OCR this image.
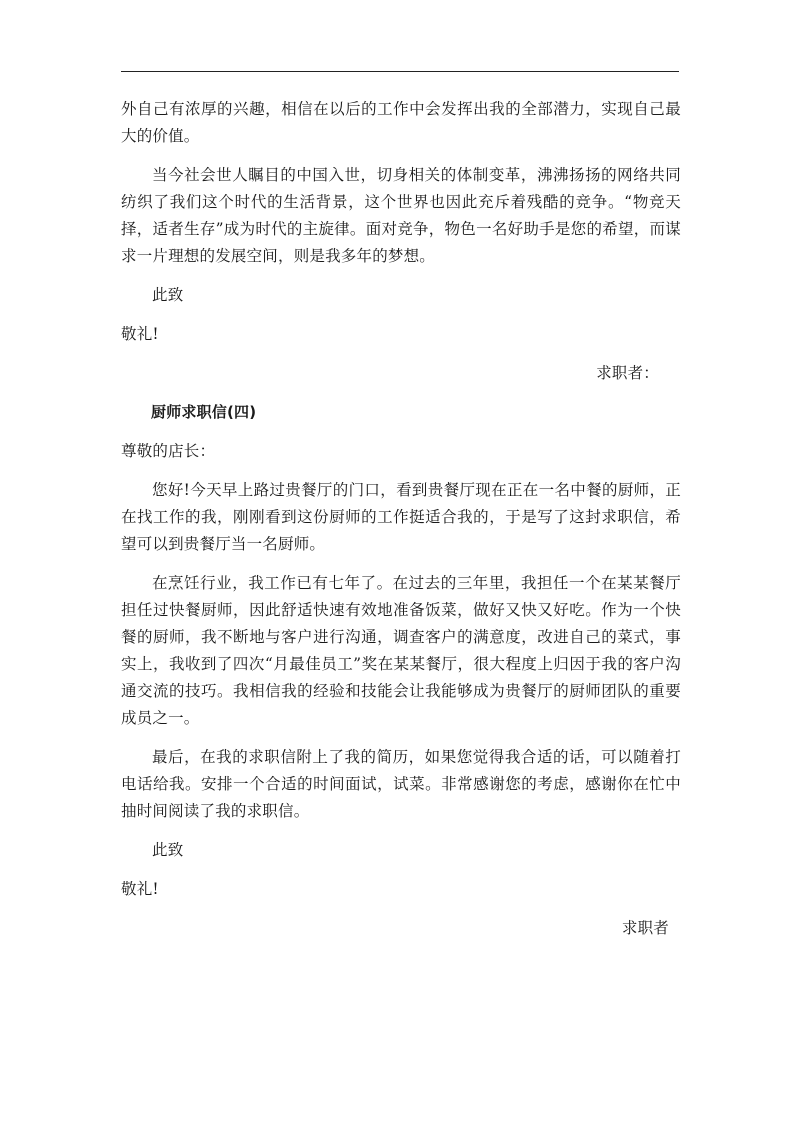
外自己有浓厚的兴趣，相信在以后的工作中会发挥出我的全部潜力，实现自己最大的价值。

当今社会世人瞩目的中国入世，切身相关的体制变革，沸沸扬扬的网络共同纺织了我们这个时代的生活背景，这个世界也因此充斥着残酷的竞争。“物竞天择，适者生存”成为时代的主旋律。面对竞争，物色一名好助手是您的希望，而谋求一片理想的发展空间，则是我多年的梦想。

此致

敬礼!

求职者：

厨师求职信(四)

尊敬的店长：

您好!今天早上路过贵餐厅的门口，看到贵餐厅现在正在一名中餐的厨师，正在找工作的我，刚刚看到这份厨师的工作挺适合我的，于是写了这封求职信，希望可以到贵餐厅当一名厨师。

在烹饪行业，我工作已有七年了。在过去的三年里，我担任一个在某某餐厅担任过快餐厨师，因此舒适快速有效地准备饭菜，做好又快又好吃。作为一个快餐的厨师，我不断地与客户进行沟通，调查客户的满意度，改进自己的菜式，事实上，我收到了四次“月最佳员工”奖在某某餐厅，很大程度上归因于我的客户沟通交流的技巧。我相信我的经验和技能会让我能够成为贵餐厅的厨师团队的重要成员之一。

最后，在我的求职信附上了我的简历，如果您觉得我合适的话，可以随着打电话给我。安排一个合适的时间面试，试菜。非常感谢您的考虑，感谢你在忙中抽时间阅读了我的求职信。

此致

敬礼!

求职者
